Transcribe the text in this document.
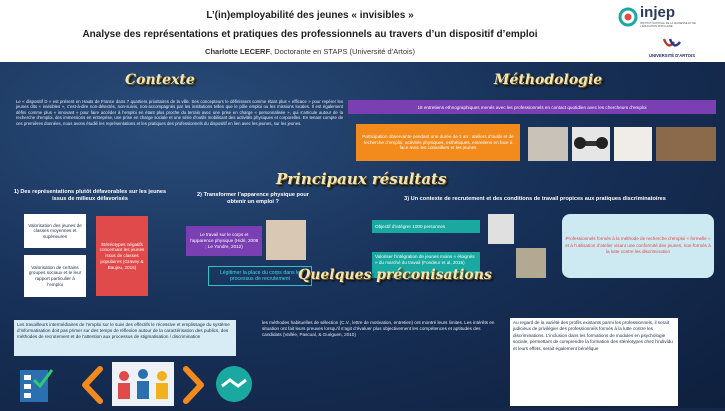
L’(in)employabilité des jeunes « invisibles »
Analyse des représentations et pratiques des professionnels au travers d’un dispositif d’emploi
Charlotte LECERF, Doctorante en STAPS (Université d’Artois)
injep
INSTITUT NATIONAL DE LA JEUNESSE ET DE L'ÉDUCATION POPULAIRE
UNIVERSITÉ D'ARTOIS
Contexte
Le « dispositif D » est présent en Hauts de France dans 7 quartiers prioritaires de la ville. Ses concepteurs le définissent comme étant plus « efficace » pour repérer les jeunes dits « invisibles », c’est-à-dire non-détectés, non-suivis, non-accompagnés par les institutions telles que le pôle emploi ou les missions locales. Il est également défini comme plus « innovant » pour faire accéder à l’emploi en étant plus proche du terrain avec une prise en charge « personnalisée », qui s’articule autour de la recherche d’emploi, des immersions en entreprise, une prise en charge sociale et une série d’outils mobilisant des activités physiques et corporelles. En tenant compte de ces premières données, nous avons étudié les représentations et les pratiques des professionnels du dispositif en lien avec les jeunes, sur les jeunes.
Méthodologie
18 entretiens ethnographiques menés avec les professionnels en contact quotidien avec les chercheurs d’emploi
Participation observante pendant une durée de 1 an : ateliers d’outils et de recherche d’emploi, activités physiques, esthétiques, entretiens en face à face avec les conseillers et les jeunes
Principaux résultats
1) Des représentations plutôt défavorables sur les jeunes issus de milieux défavorisés
Valorisation des jeunes de classes moyennes et supérieures
Valorisation de certains groupes sociaux et le leur rapport particulier à l’emploi
Stéréotypes négatifs concernant les jeunes issus de classes populaires (Gravey & Baujeu, 2015)
2) Transformer l’apparence physique pour obtenir un emploi ?
Le travail sur le corps et l’apparence physique (Hidri, 2008 ; Le Yondre, 2012)
Légitimer la place du corps dans le processus de recrutement
3) Un contexte de recrutement et des conditions de travail propices aux pratiques discriminatoires
Objectif d’intégrer 1000 personnes
Valoriser l’intégration de jeunes moins « éloignés » du marché du travail (Fondeur et al, 2015)
Professionnels formés à la méthode de recherche d’emploi « formelle » et à l’utilisation d’atelier visant une conformité des jeunes, non-formés à la lutte contre les discrimination
Quelques préconisations
Les travailleurs intermédiaires de l’emploi sur le suivi des effectifs le récessive et emplissage du système d’informatisation doit pas primer sur des temps de réflexion autour de la caractérisation des publics, des méthodes de recrutement et de l’attention aux processus de stigmatisation / discrimination
les méthodes habituelles de sélection (C.V., lettre de motivation, entretien) ont montré leurs limites. Les intérêts en situation ont fait leurs preuves lorsqu’il s’agit d’évaluer plus objectivement les compétences et aptitudes des candidats (Vallée, Pascual, & Guéguen, 2010)
Au regard de la variété des profils existants parmi les professionnels, il serait judicieux de privilégier des professionnels formés à la lutte contre les discriminations. L’inclusion dans les formations de modules en psychologie sociale, permettant de comprendre la formation des stéréotypes chez l’individu et leurs effets, serait également bénéfique
